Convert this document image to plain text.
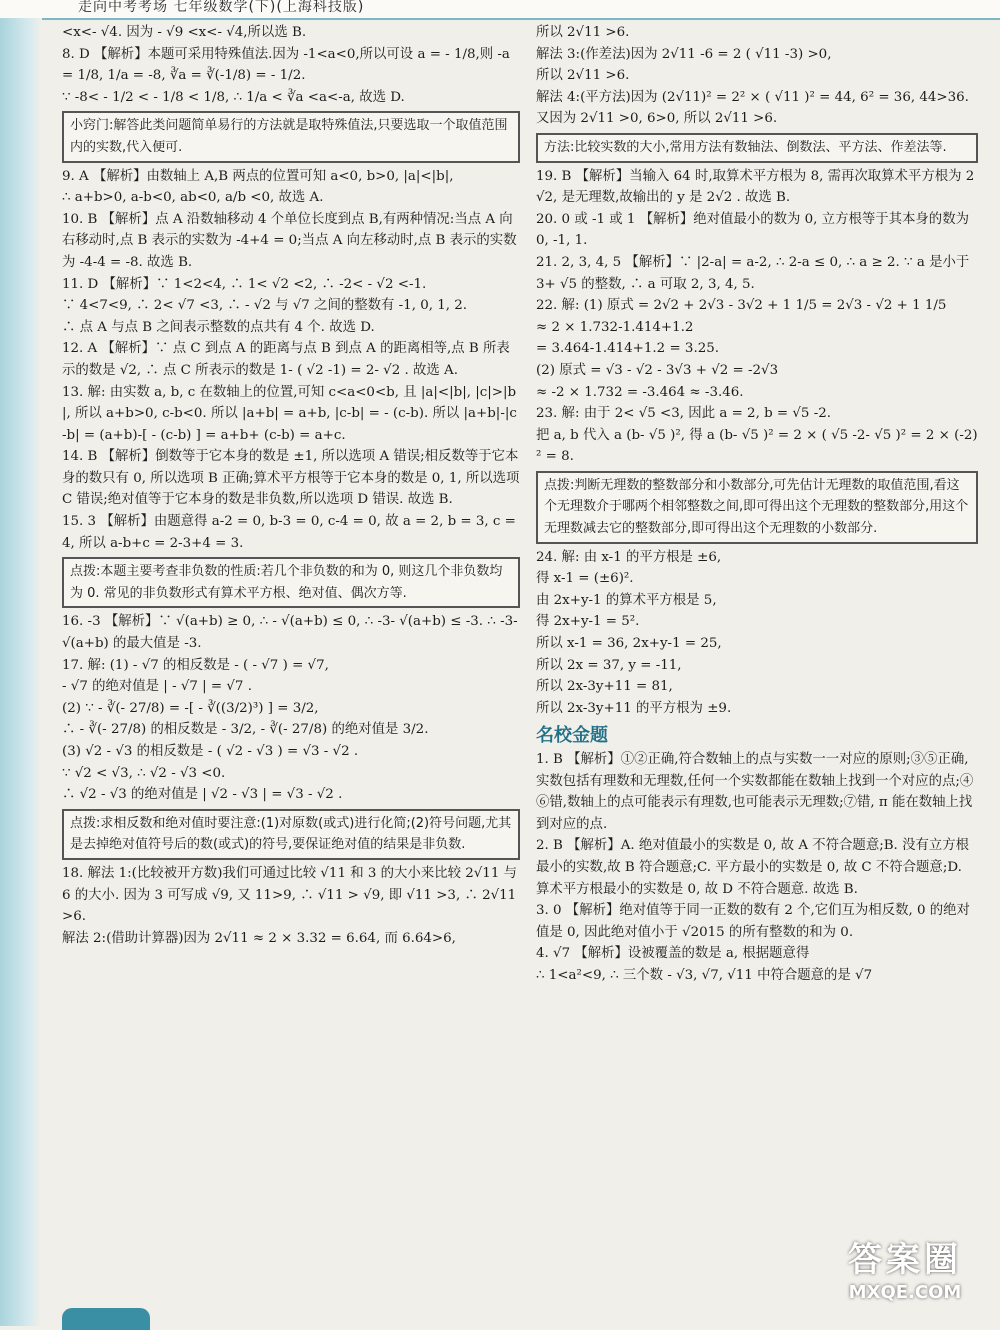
走向中考考场 七年级数学(下)(上海科技版)

<x<- √4. 因为 - √9 <x<- √4,所以选 B.

8. D 【解析】本题可采用特殊值法.因为 -1<a<0,所以可设 a = - 1/8,则 -a = 1/8, 1/a = -8, ∛a = ∛(-1/8) = - 1/2.

∵ -8< - 1/2 < - 1/8 < 1/8, ∴ 1/a < ∛a <a<-a, 故选 D.

小窍门:解答此类问题简单易行的方法就是取特殊值法,只要选取一个取值范围内的实数,代入便可.

9. A 【解析】由数轴上 A,B 两点的位置可知 a<0, b>0, |a|<|b|,

∴ a+b>0, a-b<0, ab<0, a/b <0, 故选 A.

10. B 【解析】点 A 沿数轴移动 4 个单位长度到点 B,有两种情况:当点 A 向右移动时,点 B 表示的实数为 -4+4 = 0;当点 A 向左移动时,点 B 表示的实数为 -4-4 = -8. 故选 B.

11. D 【解析】∵ 1<2<4, ∴ 1< √2 <2, ∴ -2< - √2 <-1.

∵ 4<7<9, ∴ 2< √7 <3, ∴ - √2 与 √7 之间的整数有 -1, 0, 1, 2.

∴ 点 A 与点 B 之间表示整数的点共有 4 个. 故选 D.

12. A 【解析】∵ 点 C 到点 A 的距离与点 B 到点 A 的距离相等,点 B 所表示的数是 √2, ∴ 点 C 所表示的数是 1- ( √2 -1) = 2- √2 . 故选 A.

13. 解: 由实数 a, b, c 在数轴上的位置,可知 c<a<0<b, 且 |a|<|b|, |c|>|b|, 所以 a+b>0, c-b<0. 所以 |a+b| = a+b, |c-b| = - (c-b). 所以 |a+b|-|c-b| = (a+b)-[ - (c-b) ] = a+b+ (c-b) = a+c.

14. B 【解析】倒数等于它本身的数是 ±1, 所以选项 A 错误;相反数等于它本身的数只有 0, 所以选项 B 正确;算术平方根等于它本身的数是 0, 1, 所以选项 C 错误;绝对值等于它本身的数是非负数,所以选项 D 错误. 故选 B.

15. 3 【解析】由题意得 a-2 = 0, b-3 = 0, c-4 = 0, 故 a = 2, b = 3, c = 4, 所以 a-b+c = 2-3+4 = 3.

点拨:本题主要考查非负数的性质:若几个非负数的和为 0, 则这几个非负数均为 0. 常见的非负数形式有算术平方根、绝对值、偶次方等.

16. -3 【解析】∵ √(a+b) ≥ 0, ∴ - √(a+b) ≤ 0, ∴ -3- √(a+b) ≤ -3. ∴ -3- √(a+b) 的最大值是 -3.

17. 解: (1) - √7 的相反数是 - ( - √7 ) = √7,

- √7 的绝对值是 | - √7 | = √7 .

(2) ∵ - ∛(- 27/8) = -[ - ∛((3/2)³) ] = 3/2,

∴ - ∛(- 27/8) 的相反数是 - 3/2, - ∛(- 27/8) 的绝对值是 3/2.

(3) √2 - √3 的相反数是 - ( √2 - √3 ) = √3 - √2 .

∵ √2 < √3, ∴ √2 - √3 <0.

∴ √2 - √3 的绝对值是 | √2 - √3 | = √3 - √2 .

点拨:求相反数和绝对值时要注意:(1)对原数(或式)进行化简;(2)符号问题,尤其是去掉绝对值符号后的数(或式)的符号,要保证绝对值的结果是非负数.

18. 解法 1:(比较被开方数)我们可通过比较 √11 和 3 的大小来比较 2√11 与 6 的大小. 因为 3 可写成 √9, 又 11>9, ∴ √11 > √9, 即 √11 >3, ∴ 2√11 >6.

解法 2:(借助计算器)因为 2√11 ≈ 2 × 3.32 = 6.64, 而 6.64>6,

所以 2√11 >6.

解法 3:(作差法)因为 2√11 -6 = 2 ( √11 -3) >0,

所以 2√11 >6.

解法 4:(平方法)因为 (2√11)² = 2² × ( √11 )² = 44, 6² = 36, 44>36. 又因为 2√11 >0, 6>0, 所以 2√11 >6.

方法:比较实数的大小,常用方法有数轴法、倒数法、平方法、作差法等.

19. B 【解析】当输入 64 时,取算术平方根为 8, 需再次取算术平方根为 2√2, 是无理数,故输出的 y 是 2√2 . 故选 B.

20. 0 或 -1 或 1 【解析】绝对值最小的数为 0, 立方根等于其本身的数为 0, -1, 1.

21. 2, 3, 4, 5 【解析】∵ |2-a| = a-2, ∴ 2-a ≤ 0, ∴ a ≥ 2. ∵ a 是小于 3+ √5 的整数, ∴ a 可取 2, 3, 4, 5.

22. 解: (1) 原式 = 2√2 + 2√3 - 3√2 + 1 1/5 = 2√3 - √2 + 1 1/5

≈ 2 × 1.732-1.414+1.2

= 3.464-1.414+1.2 = 3.25.

(2) 原式 = √3 - √2 - 3√3 + √2 = -2√3

≈ -2 × 1.732 = -3.464 ≈ -3.46.

23. 解: 由于 2< √5 <3, 因此 a = 2, b = √5 -2.

把 a, b 代入 a (b- √5 )², 得 a (b- √5 )² = 2 × ( √5 -2- √5 )² = 2 × (-2)² = 8.

点拨:判断无理数的整数部分和小数部分,可先估计无理数的取值范围,看这个无理数介于哪两个相邻整数之间,即可得出这个无理数的整数部分,用这个无理数减去它的整数部分,即可得出这个无理数的小数部分.

24. 解: 由 x-1 的平方根是 ±6,

得 x-1 = (±6)².

由 2x+y-1 的算术平方根是 5,

得 2x+y-1 = 5².

所以 x-1 = 36, 2x+y-1 = 25,

所以 2x = 37, y = -11,

所以 2x-3y+11 = 81,

所以 2x-3y+11 的平方根为 ±9.

名校金题

1. B 【解析】①②正确,符合数轴上的点与实数一一对应的原则;③⑤正确,实数包括有理数和无理数,任何一个实数都能在数轴上找到一个对应的点;④⑥错,数轴上的点可能表示有理数,也可能表示无理数;⑦错, π 能在数轴上找到对应的点.

2. B 【解析】A. 绝对值最小的实数是 0, 故 A 不符合题意;B. 没有立方根最小的实数,故 B 符合题意;C. 平方最小的实数是 0, 故 C 不符合题意;D. 算术平方根最小的实数是 0, 故 D 不符合题意. 故选 B.

3. 0 【解析】绝对值等于同一正数的数有 2 个,它们互为相反数, 0 的绝对值是 0, 因此绝对值小于 √2015 的所有整数的和为 0.

4. √7 【解析】设被覆盖的数是 a, 根据题意得

∴ 1<a²<9, ∴ 三个数 - √3, √7, √11 中符合题意的是 √7

答案圈
MXQE.COM
